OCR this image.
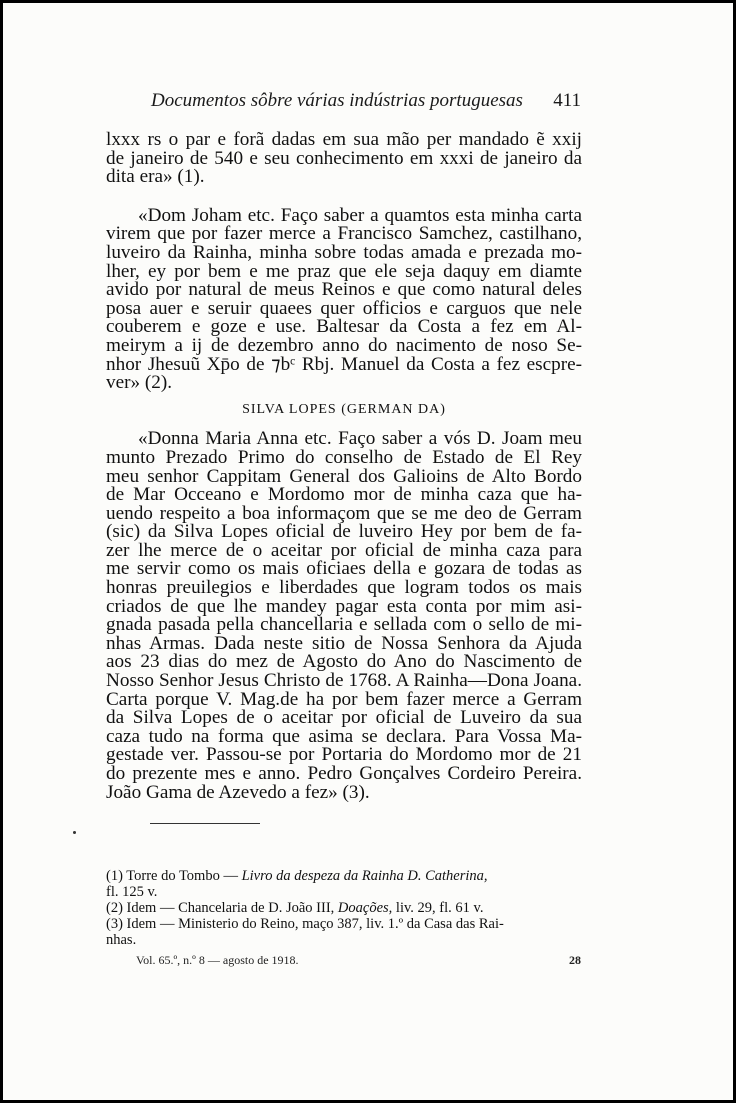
Documentos sôbre várias indústrias portuguesas 411

lxxx rs o par e forã dadas em sua mão per mandado ẽ xxij
de janeiro de 540 e seu conhecimento em xxxi de janeiro da
dita era» (1).

«Dom Joham etc. Faço saber a quamtos esta minha carta
virem que por fazer merce a Francisco Samchez, castilhano,
luveiro da Rainha, minha sobre todas amada e prezada mo-
lher, ey por bem e me praz que ele seja daquy em diamte
avido por natural de meus Reinos e que como natural deles
posa auer e seruir quaees quer officios e carguos que nele
couberem e goze e use. Baltesar da Costa a fez em Al-
meirym a ij de dezembro anno do nacimento de noso Se-
nhor Jhesuũ Xp̄o de ⁊bᶜ Rbj. Manuel da Costa a fez escpre-
ver» (2).

SILVA LOPES (GERMAN DA)

«Donna Maria Anna etc. Faço saber a vós D. Joam meu
munto Prezado Primo do conselho de Estado de El Rey
meu senhor Cappitam General dos Galioins de Alto Bordo
de Mar Occeano e Mordomo mor de minha caza que ha-
uendo respeito a boa informaçom que se me deo de Gerram
(sic) da Silva Lopes oficial de luveiro Hey por bem de fa-
zer lhe merce de o aceitar por oficial de minha caza para
me servir como os mais oficiaes della e gozara de todas as
honras preuilegios e liberdades que logram todos os mais
criados de que lhe mandey pagar esta conta por mim asi-
gnada pasada pella chancellaria e sellada com o sello de mi-
nhas Armas. Dada neste sitio de Nossa Senhora da Ajuda
aos 23 dias do mez de Agosto do Ano do Nascimento de
Nosso Senhor Jesus Christo de 1768. A Rainha—Dona Joana.
Carta porque V. Mag.de ha por bem fazer merce a Gerram
da Silva Lopes de o aceitar por oficial de Luveiro da sua
caza tudo na forma que asima se declara. Para Vossa Ma-
gestade ver. Passou-se por Portaria do Mordomo mor de 21
do prezente mes e anno. Pedro Gonçalves Cordeiro Pereira.
João Gama de Azevedo a fez» (3).

(1) Torre do Tombo — Livro da despeza da Rainha D. Catherina,
fl. 125 v.
(2) Idem — Chancelaria de D. João III, Doações, liv. 29, fl. 61 v.
(3) Idem — Ministerio do Reino, maço 387, liv. 1.º da Casa das Rai-
nhas.
Vol. 65.º, n.º 8 — agosto de 1918.	28
